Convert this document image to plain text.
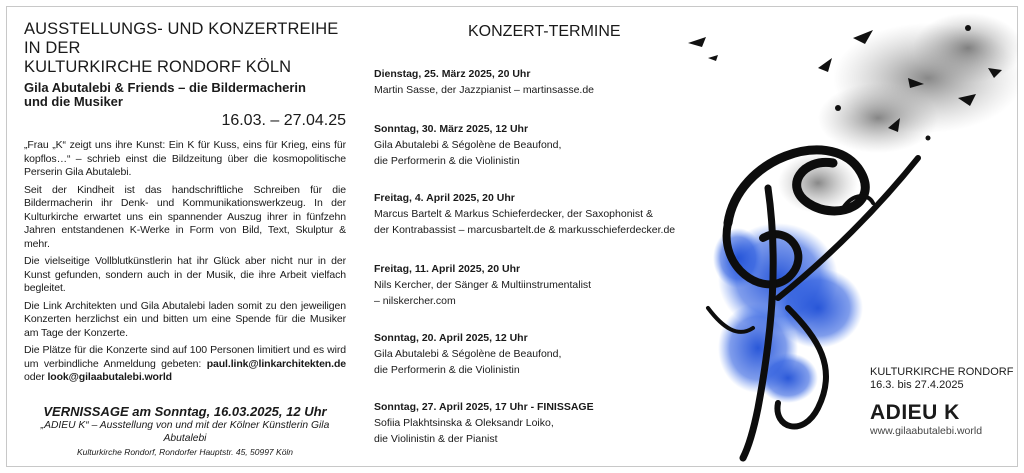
AUSSTELLUNGS- UND KONZERTREIHE IN DER
KULTURKIRCHE RONDORF KÖLN
Gila Abutalebi & Friends – die Bildermacherin
und die Musiker
16.03. – 27.04.25

„Frau „K“ zeigt uns ihre Kunst: Ein K für Kuss, eins für Krieg, eins für kopflos…“ – schrieb einst die Bildzeitung über die kosmopolitische Perserin Gila Abutalebi.

Seit der Kindheit ist das handschriftliche Schreiben für die Bildermacherin ihr Denk- und Kommunikationswerkzeug. In der Kulturkirche erwartet uns ein spannender Auszug ihrer in fünfzehn Jahren entstandenen K-Werke in Form von Bild, Text, Skulptur & mehr.

Die vielseitige Vollblutkünstlerin hat ihr Glück aber nicht nur in der Kunst gefunden, sondern auch in der Musik, die ihre Arbeit vielfach begleitet.

Die Link Architekten und Gila Abutalebi laden somit zu den jeweiligen Konzerten herzlichst ein und bitten um eine Spende für die Musiker am Tage der Konzerte.

Die Plätze für die Konzerte sind auf 100 Personen limitiert und es wird um verbindliche Anmeldung gebeten: paul.link@linkarchitekten.de oder look@gilaabutalebi.world

VERNISSAGE am Sonntag, 16.03.2025, 12 Uhr
„ADIEU K“ – Ausstellung von und mit der Kölner Künstlerin Gila Abutalebi
Kulturkirche Rondorf, Rondorfer Hauptstr. 45, 50997 Köln
KONZERT-TERMINE
Dienstag, 25. März 2025, 20 Uhr
Martin Sasse, der Jazzpianist – martinsasse.de
Sonntag, 30. März 2025, 12 Uhr
Gila Abutalebi & Ségolène de Beaufond,
die Performerin & die Violinistin
Freitag, 4. April 2025, 20 Uhr
Marcus Bartelt & Markus Schieferdecker, der Saxophonist &
der Kontrabassist – marcusbartelt.de & markusschieferdecker.de
Freitag, 11. April 2025, 20 Uhr
Nils Kercher, der Sänger & Multiinstrumentalist
– nilskercher.com
Sonntag, 20. April 2025, 12 Uhr
Gila Abutalebi & Ségolène de Beaufond,
die Performerin & die Violinistin
Sonntag, 27. April 2025, 17 Uhr - FINISSAGE
Sofiia Plakhtsinska & Oleksandr Loiko,
die Violinistin & der Pianist
KULTURKIRCHE RONDORF
16.3. bis 27.4.2025
ADIEU K
www.gilaabutalebi.world
